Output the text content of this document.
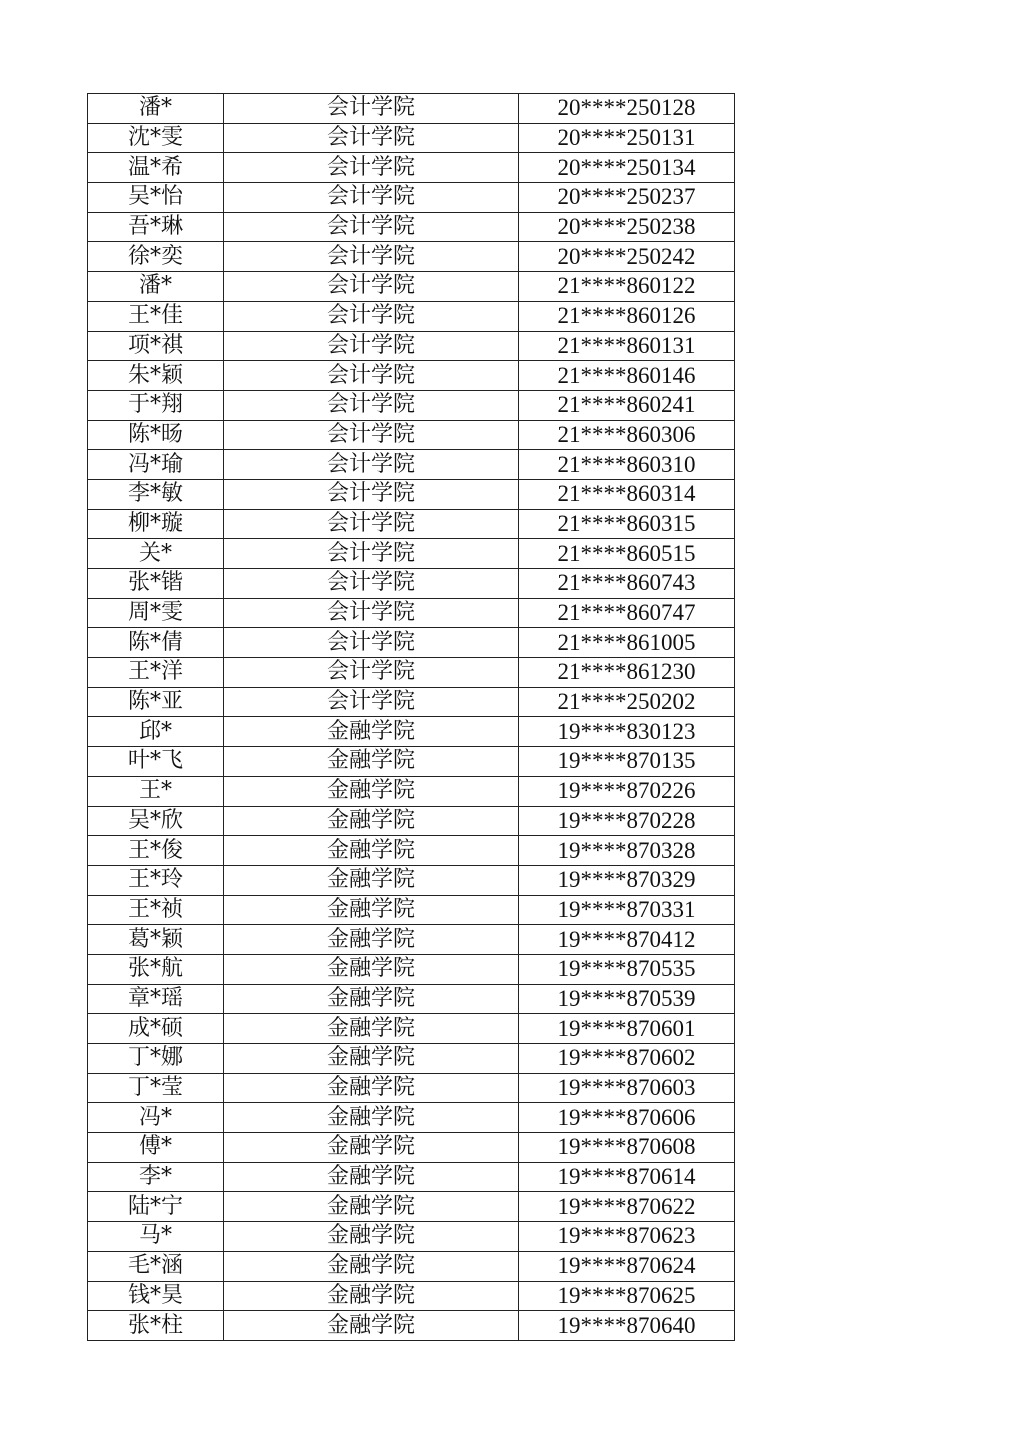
潘*	会计学院	20****250128
沈*雯	会计学院	20****250131
温*希	会计学院	20****250134
吴*怡	会计学院	20****250237
吾*琳	会计学院	20****250238
徐*奕	会计学院	20****250242
潘*	会计学院	21****860122
王*佳	会计学院	21****860126
项*祺	会计学院	21****860131
朱*颖	会计学院	21****860146
于*翔	会计学院	21****860241
陈*旸	会计学院	21****860306
冯*瑜	会计学院	21****860310
李*敏	会计学院	21****860314
柳*璇	会计学院	21****860315
关*	会计学院	21****860515
张*锴	会计学院	21****860743
周*雯	会计学院	21****860747
陈*倩	会计学院	21****861005
王*洋	会计学院	21****861230
陈*亚	会计学院	21****250202
邱*	金融学院	19****830123
叶*飞	金融学院	19****870135
王*	金融学院	19****870226
吴*欣	金融学院	19****870228
王*俊	金融学院	19****870328
王*玲	金融学院	19****870329
王*祯	金融学院	19****870331
葛*颖	金融学院	19****870412
张*航	金融学院	19****870535
章*瑶	金融学院	19****870539
成*硕	金融学院	19****870601
丁*娜	金融学院	19****870602
丁*莹	金融学院	19****870603
冯*	金融学院	19****870606
傅*	金融学院	19****870608
李*	金融学院	19****870614
陆*宁	金融学院	19****870622
马*	金融学院	19****870623
毛*涵	金融学院	19****870624
钱*昊	金融学院	19****870625
张*柱	金融学院	19****870640
